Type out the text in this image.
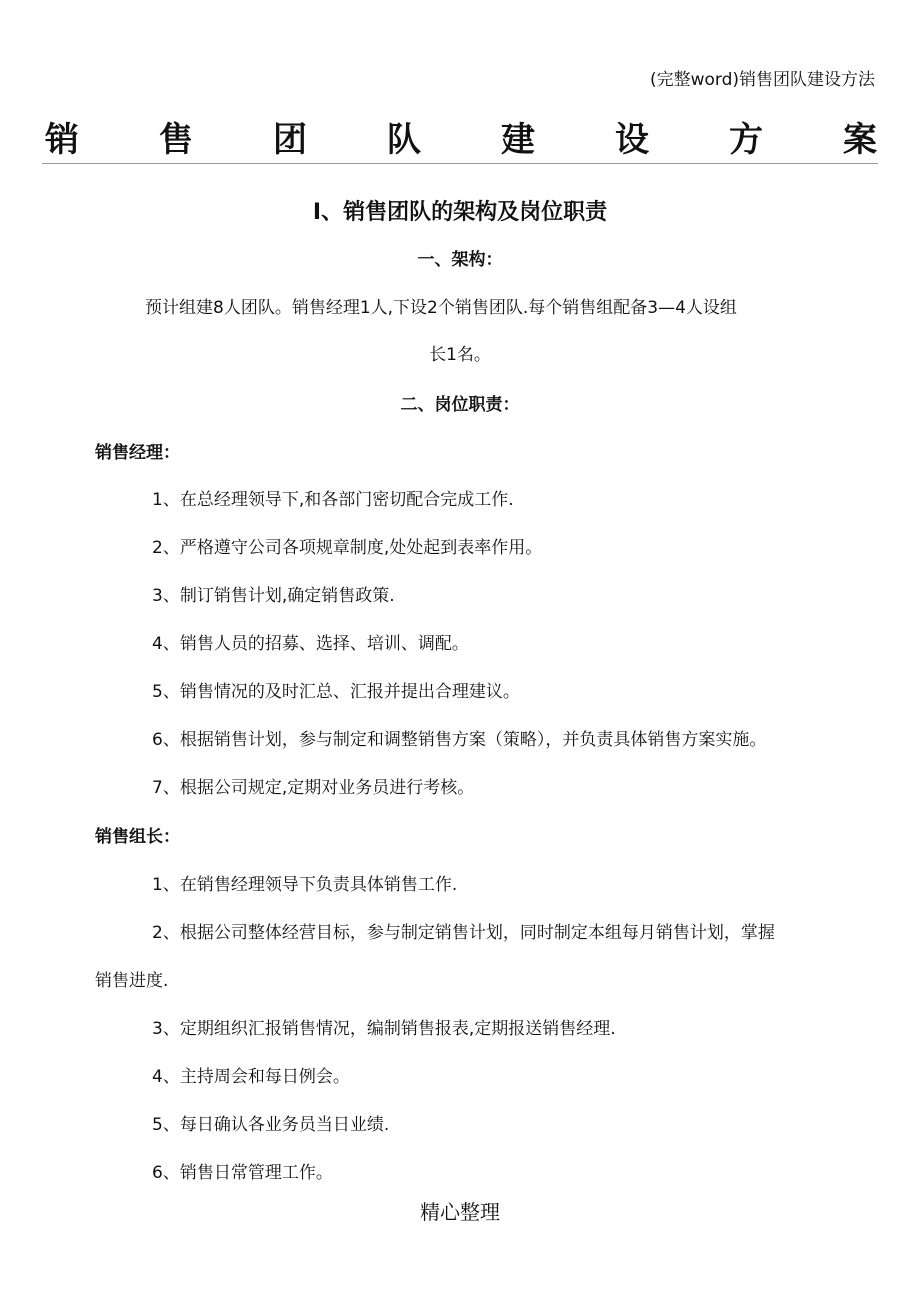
(完整word)销售团队建设方法
销 售 团 队 建 设 方 案
Ⅰ、销售团队的架构及岗位职责
一、架构：
预计组建8人团队。销售经理1人,下设2个销售团队.每个销售组配备3—4人设组
长1名。
二、岗位职责：
销售经理：
1、在总经理领导下,和各部门密切配合完成工作.
2、严格遵守公司各项规章制度,处处起到表率作用。
3、制订销售计划,确定销售政策.
4、销售人员的招募、选择、培训、调配。
5、销售情况的及时汇总、汇报并提出合理建议。
6、根据销售计划，参与制定和调整销售方案（策略），并负责具体销售方案实施。
7、根据公司规定,定期对业务员进行考核。
销售组长：
1、在销售经理领导下负责具体销售工作.
2、根据公司整体经营目标，参与制定销售计划，同时制定本组每月销售计划，掌握
销售进度.
3、定期组织汇报销售情况，编制销售报表,定期报送销售经理.
4、主持周会和每日例会。
5、每日确认各业务员当日业绩.
6、销售日常管理工作。
精心整理
